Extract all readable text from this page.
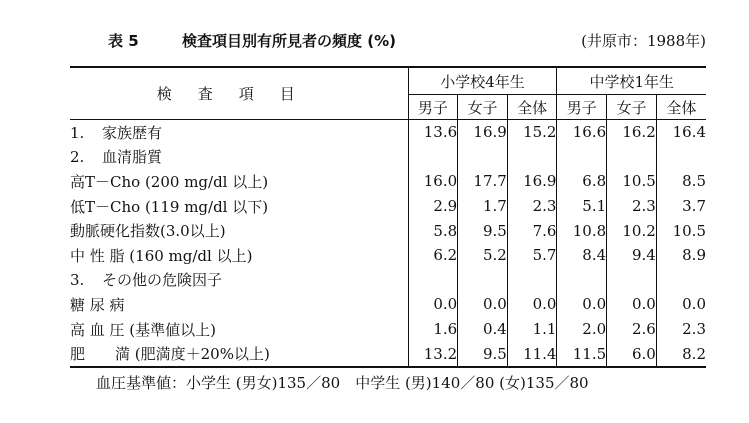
表 5	検査項目別有所見者の頻度 (%)	(井原市：1988年)
検査項目	小学校4年生			中学校1年生		
	男子	女子	全体	男子	女子	全体
1. 家族歴有	13.6	16.9	15.2	16.6	16.2	16.4
2. 血清脂質						
高T－Cho (200 mg/dl 以上)	16.0	17.7	16.9	6.8	10.5	8.5
低T－Cho (119 mg/dl 以下)	2.9	1.7	2.3	5.1	2.3	3.7
動脈硬化指数(3.0以上)	5.8	9.5	7.6	10.8	10.2	10.5
中 性 脂 (160 mg/dl 以上)	6.2	5.2	5.7	8.4	9.4	8.9
3. その他の危険因子						
糖 尿 病	0.0	0.0	0.0	0.0	0.0	0.0
高 血 圧 (基準値以上)	1.6	0.4	1.1	2.0	2.6	2.3
肥　　満 (肥満度＋20%以上)	13.2	9.5	11.4	11.5	6.0	8.2
血圧基準値：小学生 (男女)135／80　中学生 (男)140／80 (女)135／80
